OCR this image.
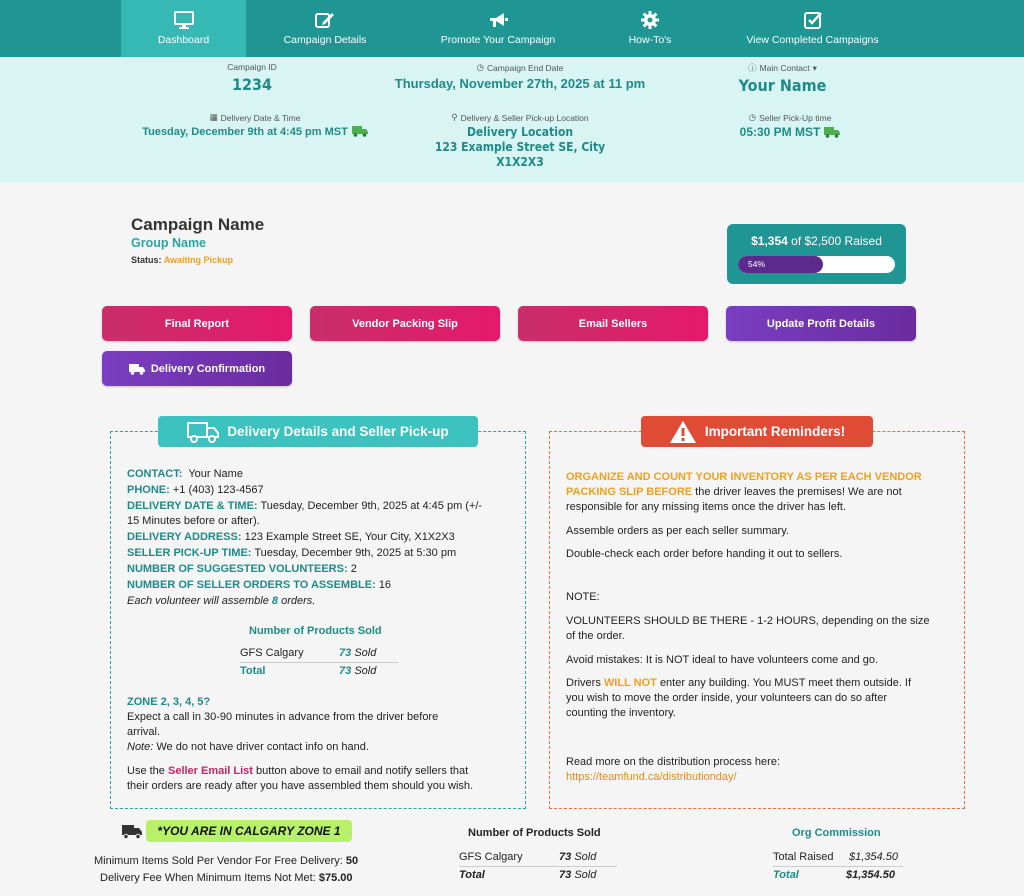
Dashboard	Campaign Details	Promote Your Campaign	How-To's	View Completed Campaigns
Campaign ID
1234
◷ Campaign End Date
Thursday, November 27th, 2025 at 11 pm
ⓘ Main Contact ▾
Your Name
▦ Delivery Date & Time
Tuesday, December 9th at 4:45 pm MST
⚲ Delivery & Seller Pick-up Location
Delivery Location
123 Example Street SE, City
X1X2X3
◷ Seller Pick-Up time
05:30 PM MST
Campaign Name
Group Name
Status: Awaiting Pickup
$1,354 of $2,500 Raised
54%
Final Report	Vendor Packing Slip	Email Sellers	Update Profit Details
Delivery Confirmation
Delivery Details and Seller Pick-up
CONTACT: Your Name
PHONE: +1 (403) 123-4567
DELIVERY DATE & TIME: Tuesday, December 9th, 2025 at 4:45 pm (+/-
15 Minutes before or after).
DELIVERY ADDRESS: 123 Example Street SE, Your City, X1X2X3
SELLER PICK-UP TIME: Tuesday, December 9th, 2025 at 5:30 pm
NUMBER OF SUGGESTED VOLUNTEERS: 2
NUMBER OF SELLER ORDERS TO ASSEMBLE: 16
Each volunteer will assemble 8 orders.
Number of Products Sold
GFS Calgary	73 Sold
Total	73 Sold
ZONE 2, 3, 4, 5?
Expect a call in 30-90 minutes in advance from the driver before
arrival.
Note: We do not have driver contact info on hand.
Use the Seller Email List button above to email and notify sellers that
their orders are ready after you have assembled them should you wish.
Important Reminders!
ORGANIZE AND COUNT YOUR INVENTORY AS PER EACH VENDOR
PACKING SLIP BEFORE the driver leaves the premises! We are not
responsible for any missing items once the driver has left.
Assemble orders as per each seller summary.
Double-check each order before handing it out to sellers.
NOTE:
VOLUNTEERS SHOULD BE THERE - 1-2 HOURS, depending on the size
of the order.
Avoid mistakes: It is NOT ideal to have volunteers come and go.
Drivers WILL NOT enter any building. You MUST meet them outside. If
you wish to move the order inside, your volunteers can do so after
counting the inventory.
Read more on the distribution process here:
https://teamfund.ca/distributionday/
*YOU ARE IN CALGARY ZONE 1
Minimum Items Sold Per Vendor For Free Delivery: 50
Delivery Fee When Minimum Items Not Met: $75.00
Number of Products Sold
GFS Calgary	73 Sold
Total	73 Sold
Org Commission
Total Raised $1,354.50
Total	$1,354.50
